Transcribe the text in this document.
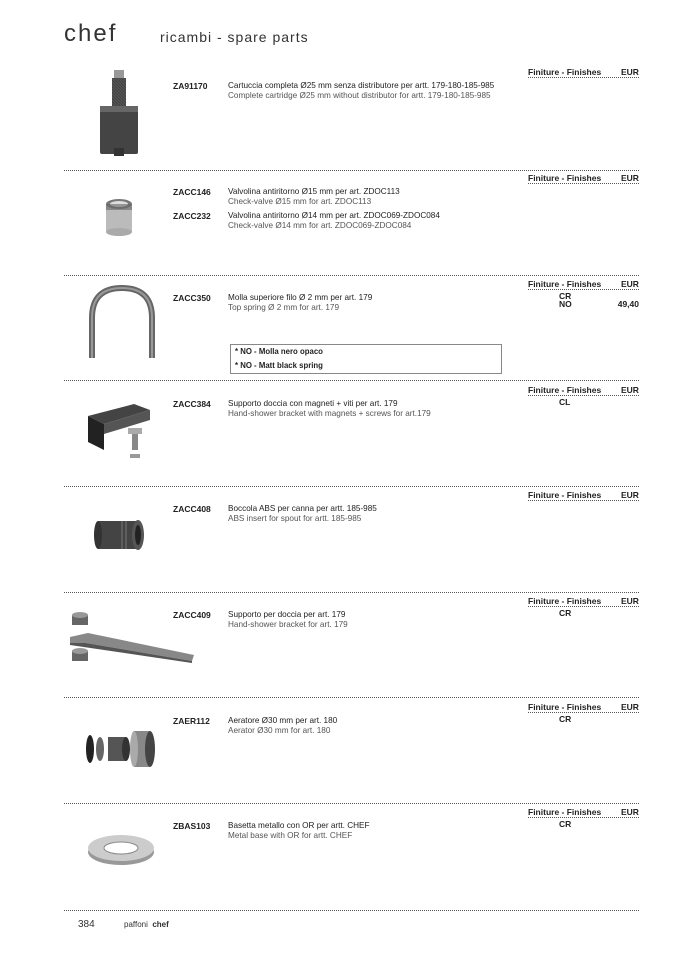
chef	ricambi - spare parts
Finiture - Finishes EUR
ZA91170	Cartuccia completa Ø25 mm senza distributore per artt. 179-180-185-985
Complete cartridge Ø25 mm without distributor for artt. 179-180-185-985
Finiture - Finishes EUR
ZACC146 Valvolina antiritorno Ø15 mm per art. ZDOC113
Check-valve Ø15 mm for art. ZDOC113
ZACC232 Valvolina antiritorno Ø14 mm per art. ZDOC069-ZDOC084
Check-valve Ø14 mm for art. ZDOC069-ZDOC084
Finiture - Finishes EUR
ZACC350 Molla superiore filo Ø 2 mm per art. 179
Top spring Ø 2 mm for art. 179
CR
NO	49,40
* NO - Molla nero opaco
* NO - Matt black spring
Finiture - Finishes EUR
ZACC384 Supporto doccia con magneti + viti per art. 179
Hand-shower bracket with magnets + screws for art.179
CL
Finiture - Finishes EUR
ZACC408 Boccola ABS per canna per artt. 185-985
ABS insert for spout for artt. 185-985
Finiture - Finishes EUR
ZACC409 Supporto per doccia per art. 179
Hand-shower bracket for art. 179
CR
Finiture - Finishes EUR
ZAER112 Aeratore Ø30 mm per art. 180
Aerator Ø30 mm for art. 180
CR
Finiture - Finishes EUR
ZBAS103 Basetta metallo con OR per artt. CHEF
Metal base with OR for artt. CHEF
CR
384	paffoni chef
